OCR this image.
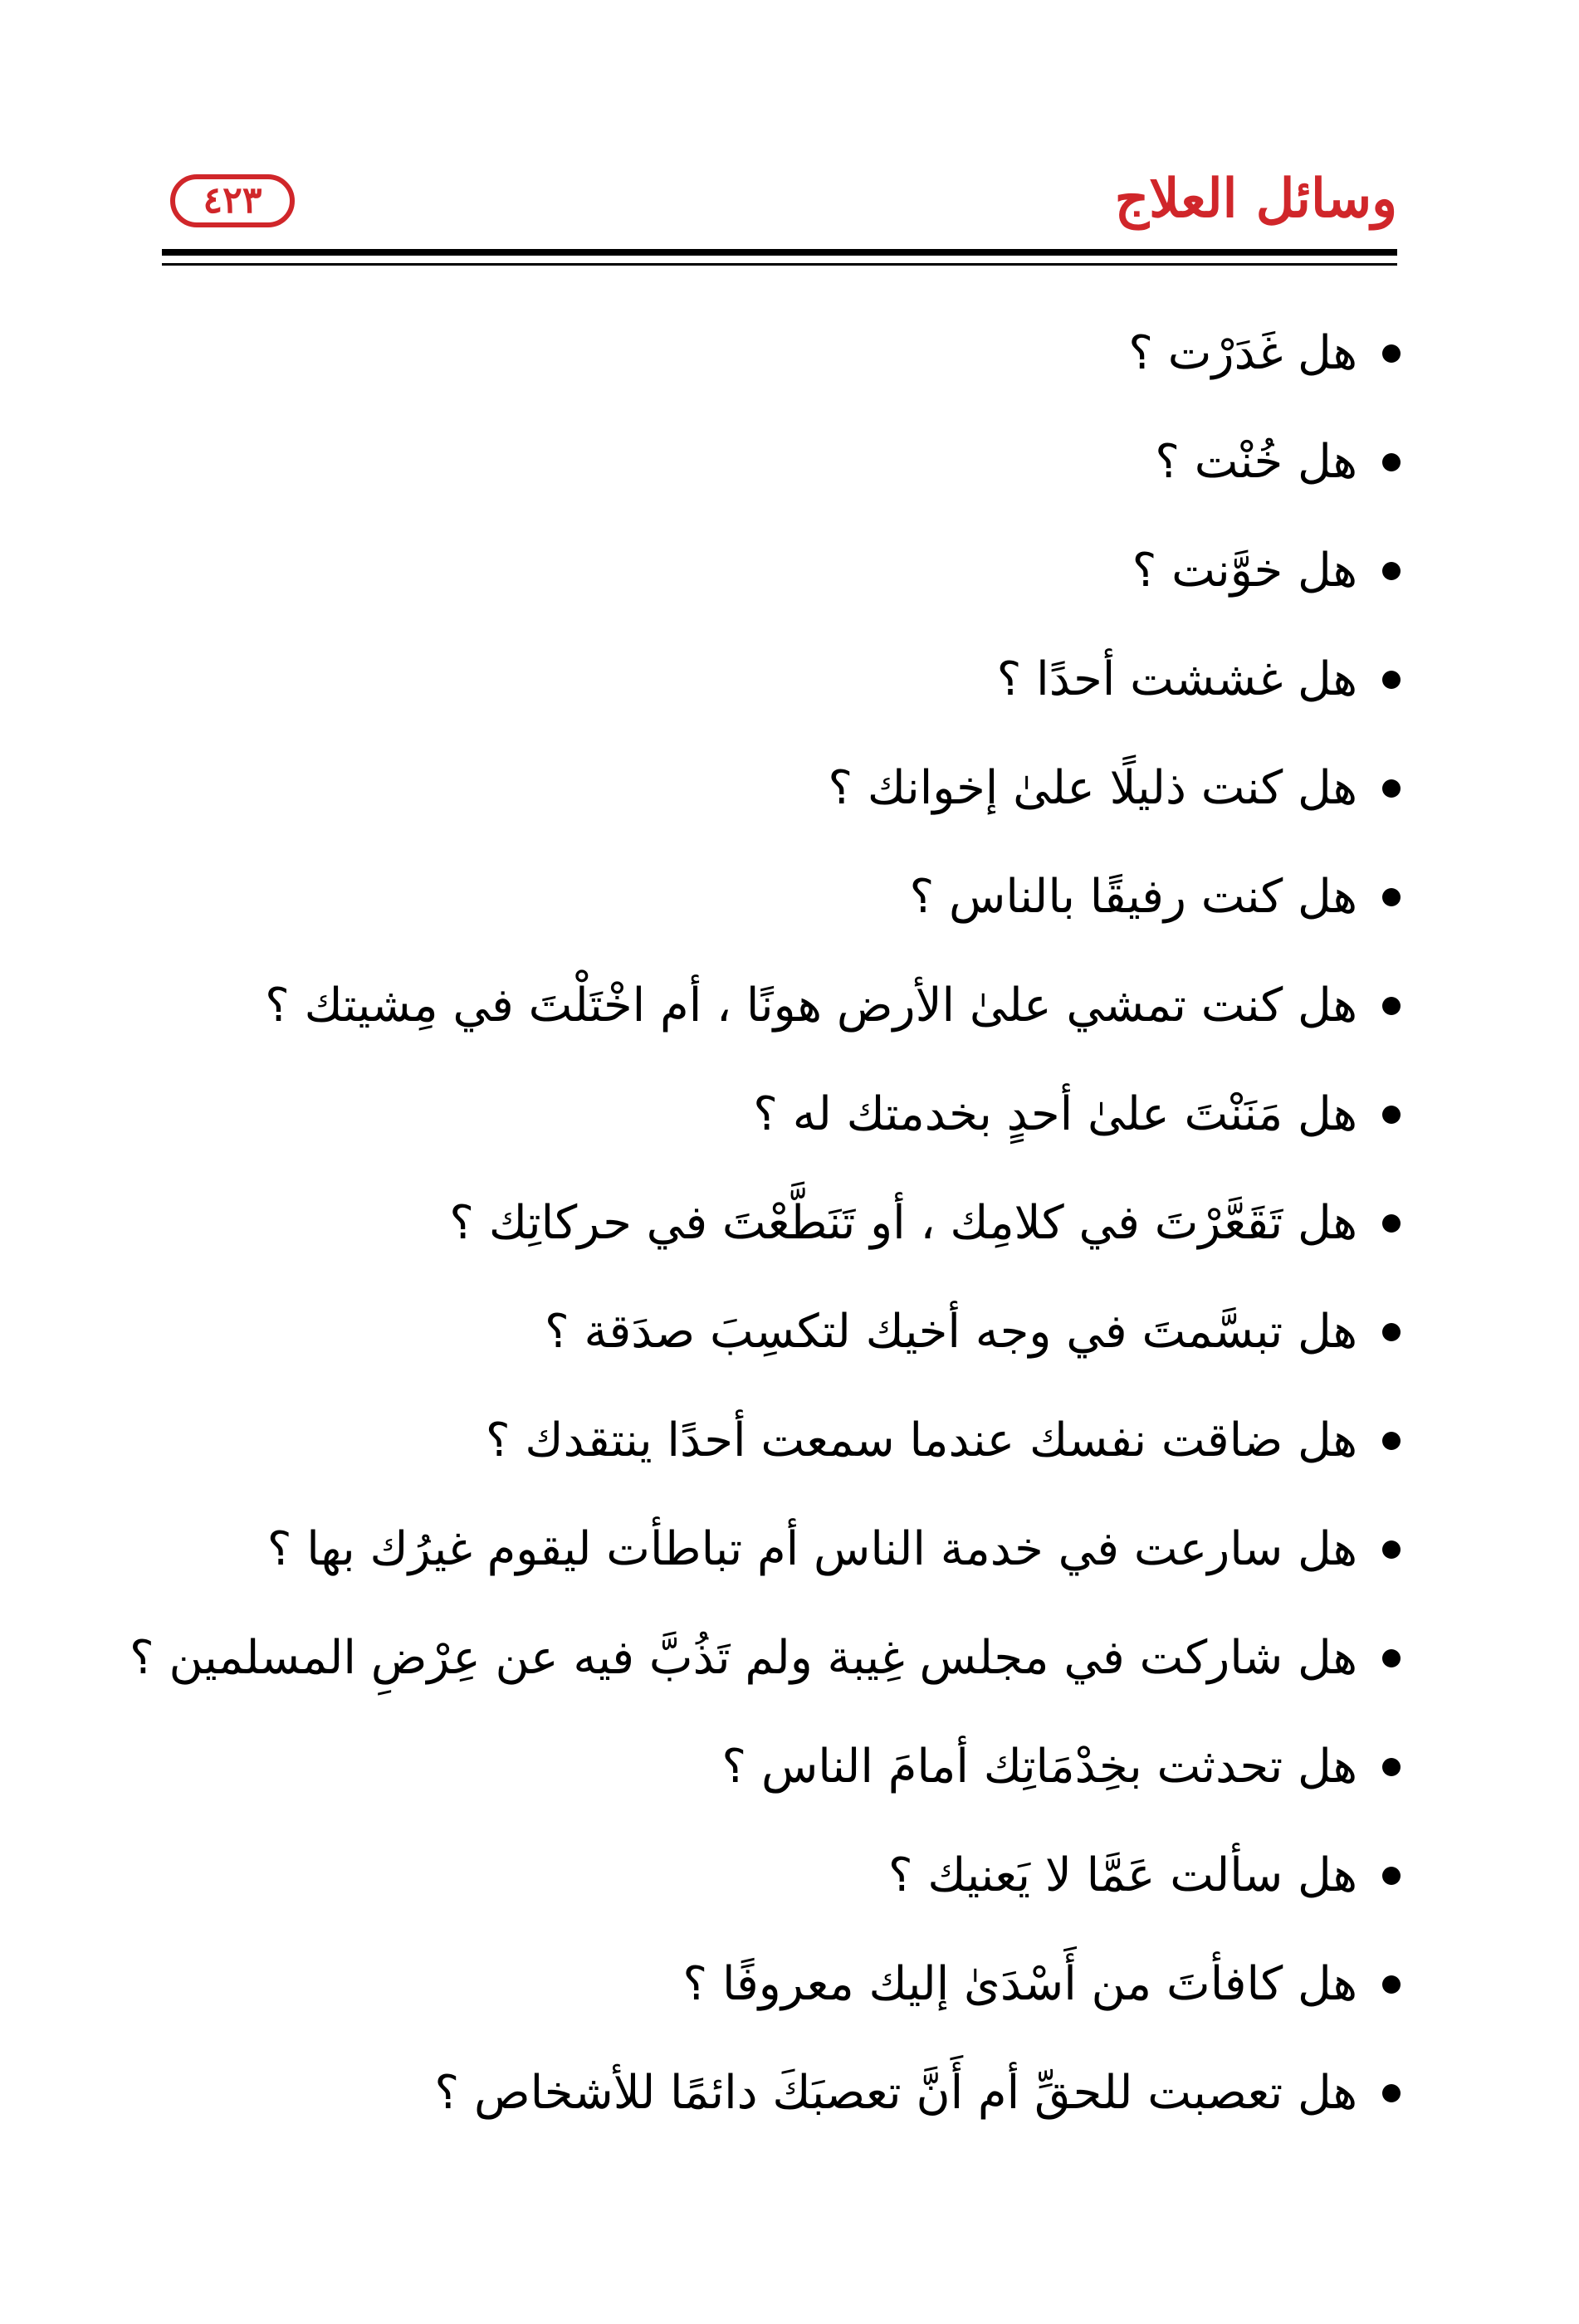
وسائل العلاج
٤٢٣
هل غَدَرْت ؟
هل خُنْت ؟
هل خوَّنت ؟
هل غششت أحدًا ؟
هل كنت ذليلًا علىٰ إخوانك ؟
هل كنت رفيقًا بالناس ؟
هل كنت تمشي علىٰ الأرض هونًا ، أم اخْتَلْتَ في مِشيتك ؟
هل مَنَنْتَ علىٰ أحدٍ بخدمتك له ؟
هل تَقَعَّرْتَ في كلامِك ، أو تَنَطَّعْتَ في حركاتِك ؟
هل تبسَّمتَ في وجه أخيك لتكسِبَ صدَقة ؟
هل ضاقت نفسك عندما سمعت أحدًا ينتقدك ؟
هل سارعت في خدمة الناس أم تباطأت ليقوم غيرُك بها ؟
هل شاركت في مجلس غِيبة ولم تَذُبَّ فيه عن عِرْضِ المسلمين ؟
هل تحدثت بخِدْمَاتِك أمامَ الناس ؟
هل سألت عَمَّا لا يَعنيك ؟
هل كافأتَ من أَسْدَىٰ إليك معروفًا ؟
هل تعصبت للحقِّ أم أَنَّ تعصبَكَ دائمًا للأشخاص ؟
